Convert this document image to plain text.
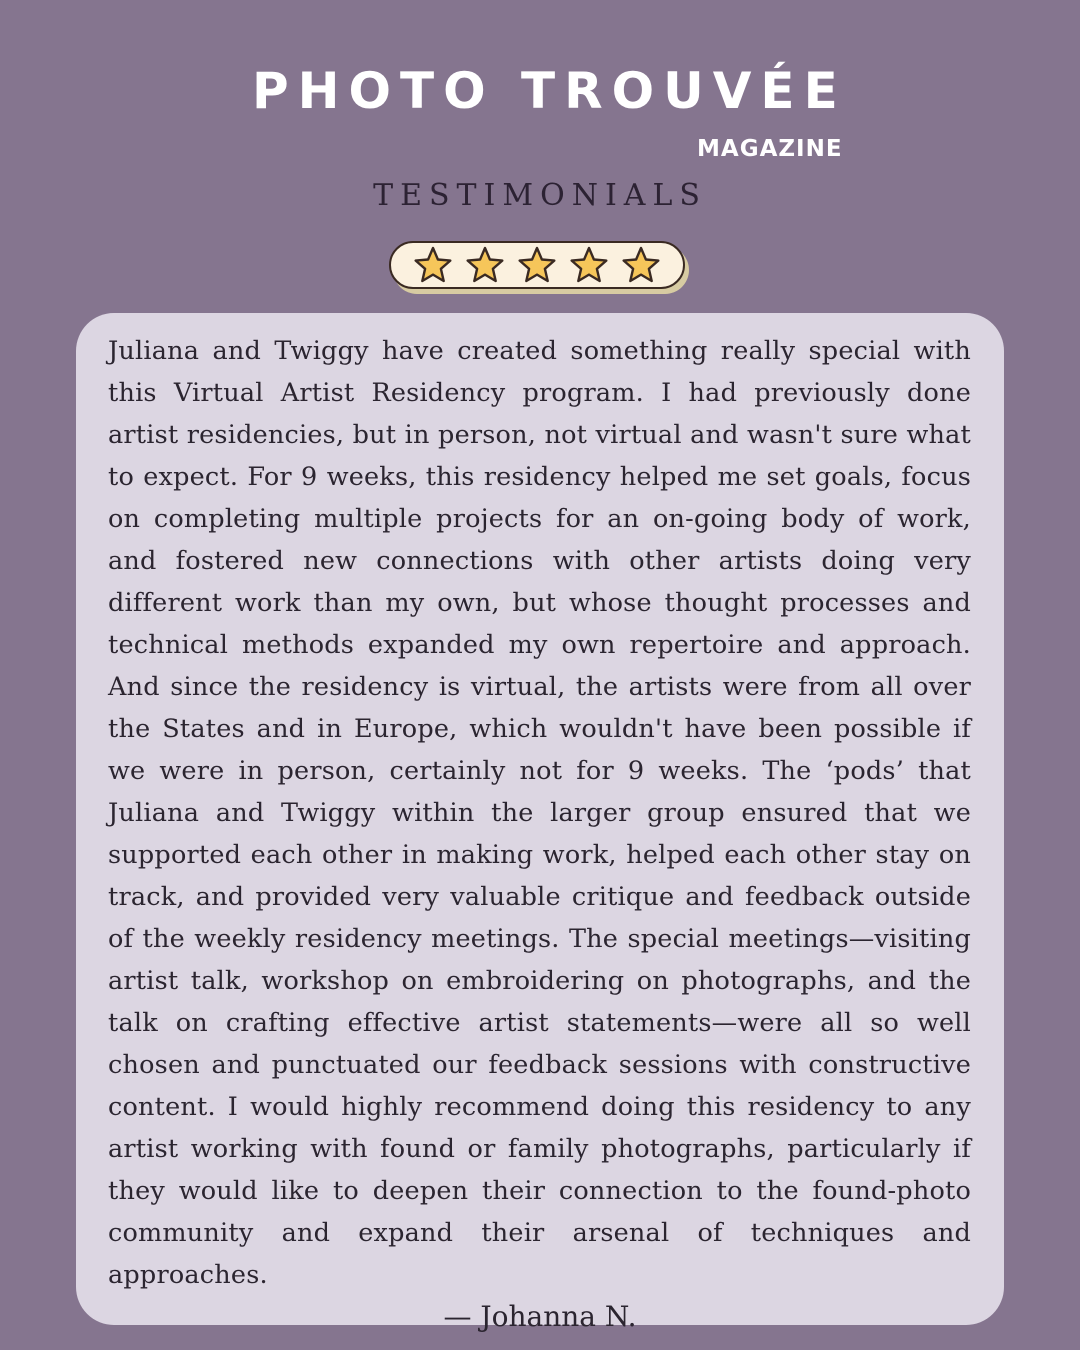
PHOTO TROUVÉE
MAGAZINE
TESTIMONIALS

Juliana and Twiggy have created something really special with this Virtual Artist Residency program. I had previously done artist residencies, but in person, not virtual and wasn't sure what to expect. For 9 weeks, this residency helped me set goals, focus on completing multiple projects for an on-going body of work, and fostered new connections with other artists doing very different work than my own, but whose thought processes and technical methods expanded my own repertoire and approach. And since the residency is virtual, the artists were from all over the States and in Europe, which wouldn't have been possible if we were in person, certainly not for 9 weeks. The ‘pods’ that Juliana and Twiggy within the larger group ensured that we supported each other in making work, helped each other stay on track, and provided very valuable critique and feedback outside of the weekly residency meetings. The special meetings—visiting artist talk, workshop on embroidering on photographs, and the talk on crafting effective artist statements—were all so well chosen and punctuated our feedback sessions with constructive content. I would highly recommend doing this residency to any artist working with found or family photographs, particularly if they would like to deepen their connection to the found-photo community and expand their arsenal of techniques and approaches.

— Johanna N.
